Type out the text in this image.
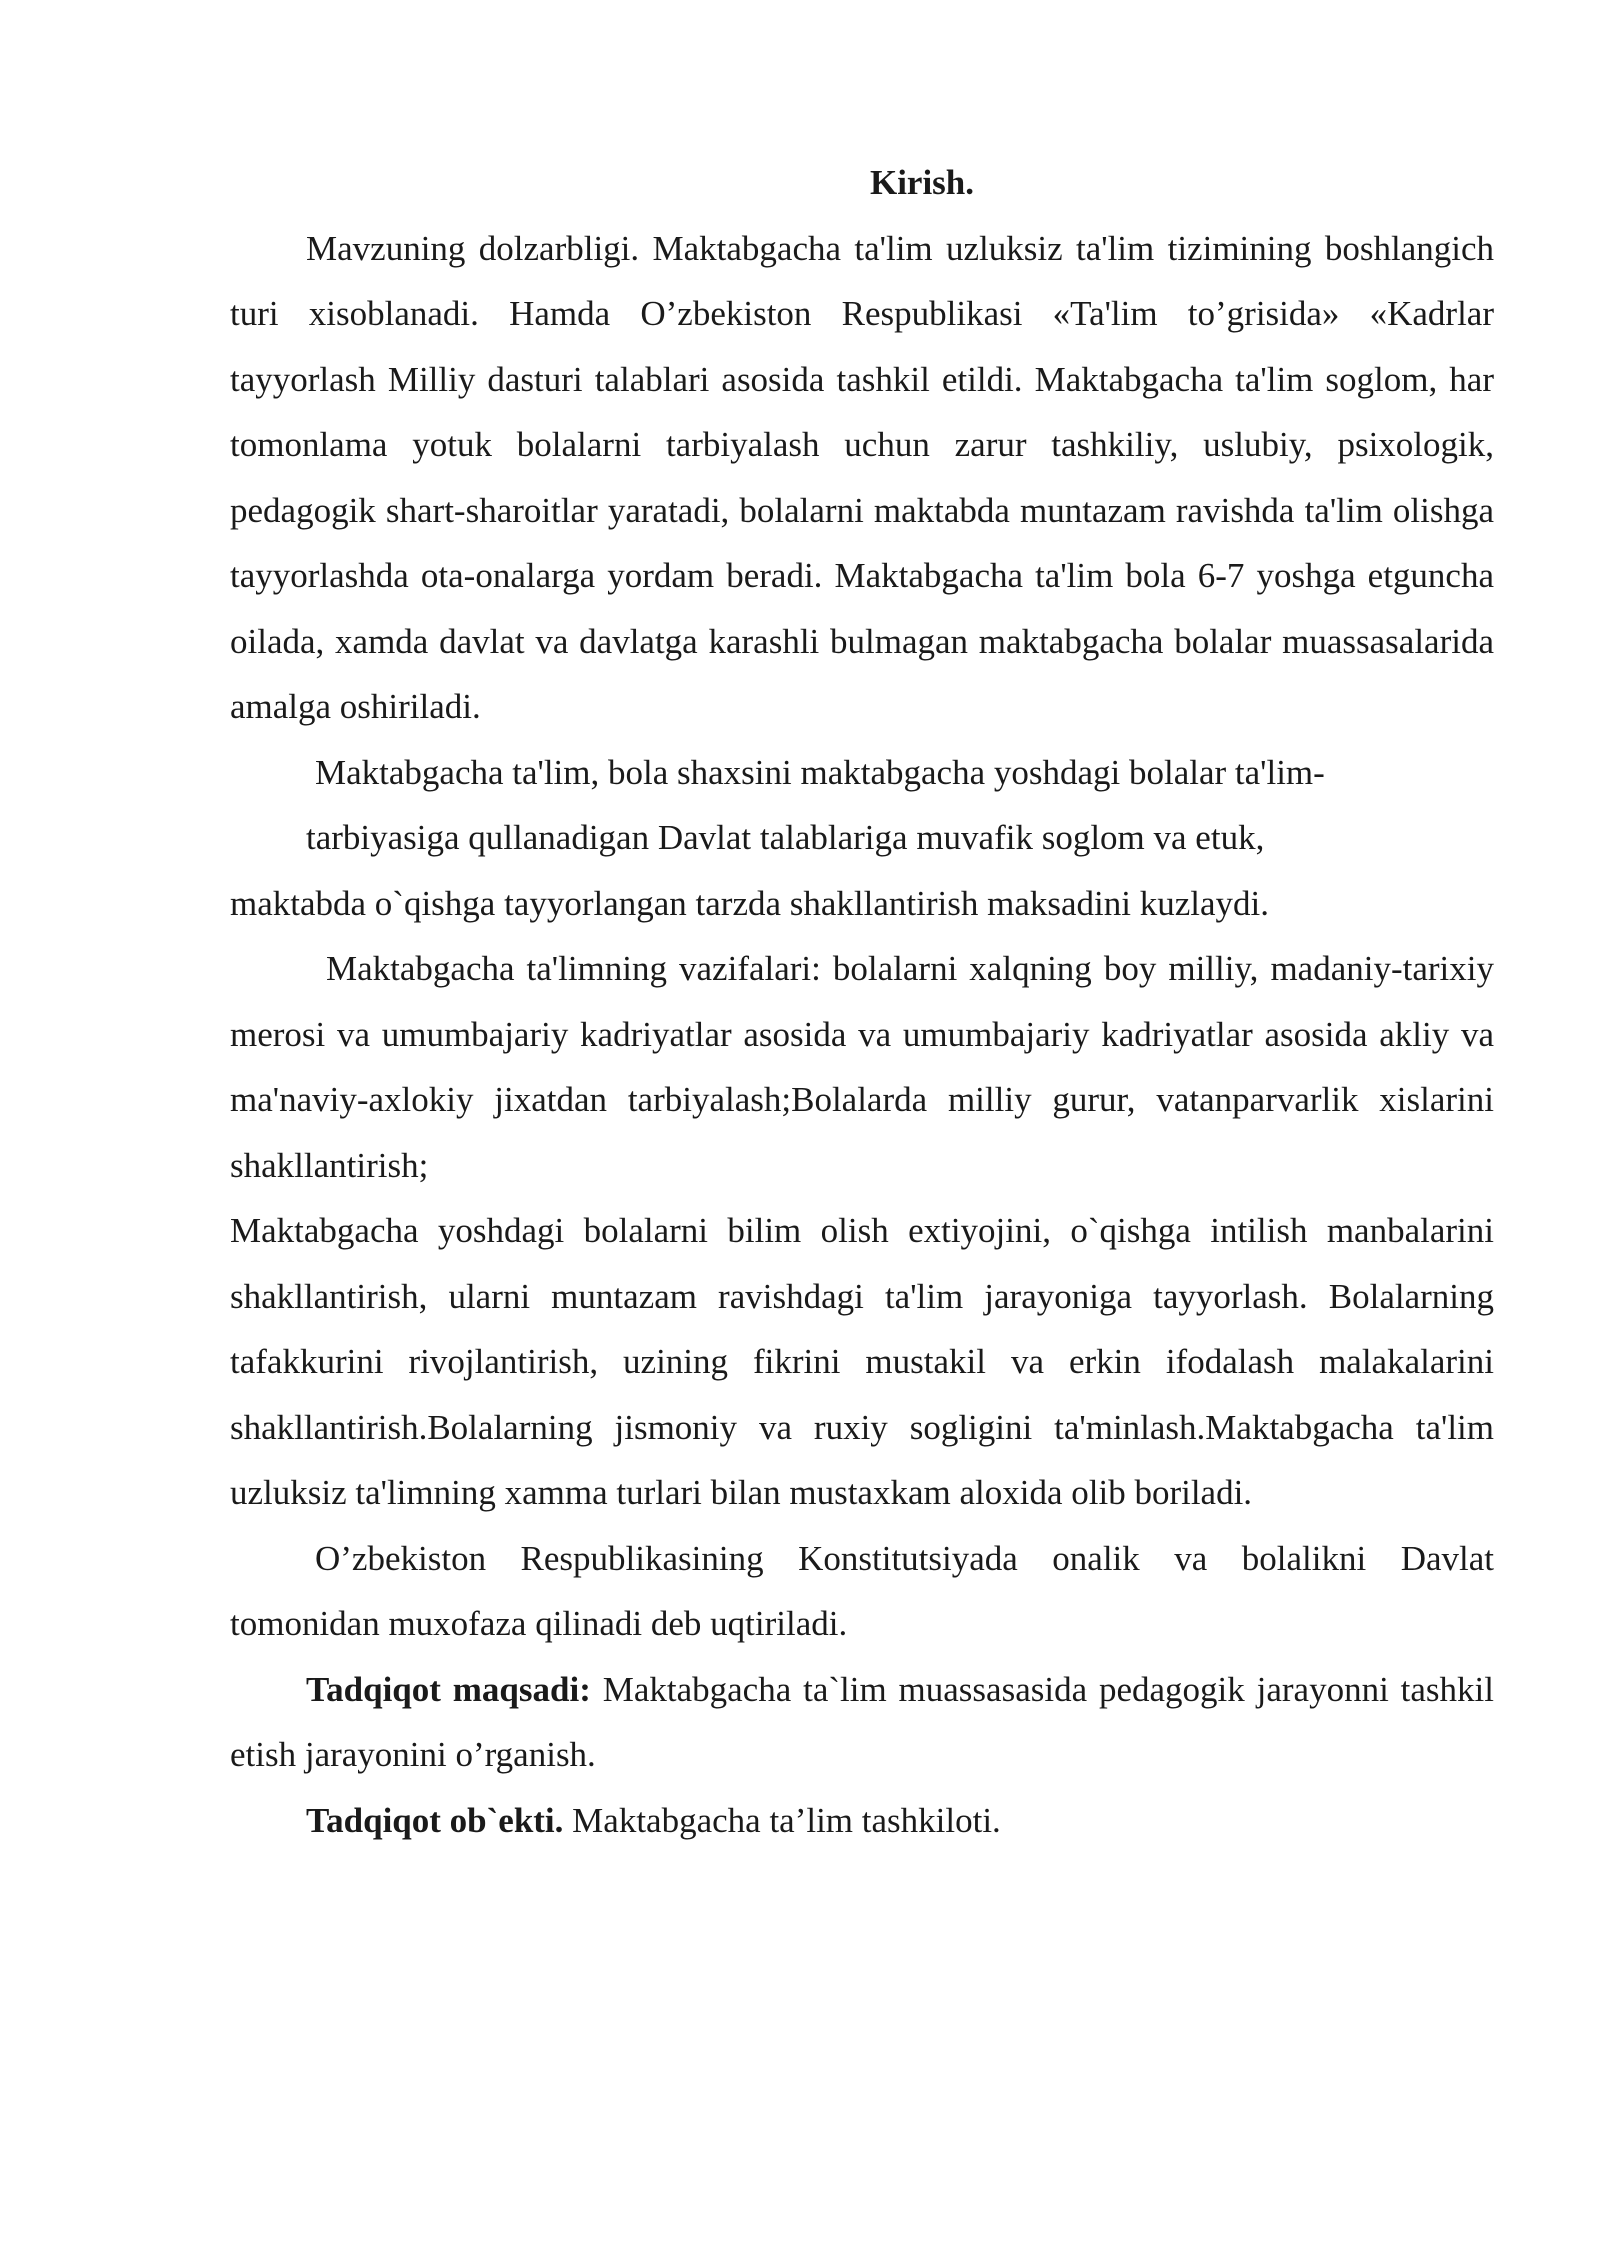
Kirish.

Mavzuning dolzarbligi. Maktabgacha ta'lim uzluksiz ta'lim tizimining boshlangich turi xisoblanadi. Hamda O’zbekiston Respublikasi «Ta'lim to’grisida» «Kadrlar tayyorlash Milliy dasturi talablari asosida tashkil etildi. Maktabgacha ta'lim soglom, har tomonlama yotuk bolalarni tarbiyalash uchun zarur tashkiliy, uslubiy, psixologik, pedagogik shart-sharoitlar yaratadi, bolalarni maktabda muntazam ravishda ta'lim olishga tayyorlashda ota-onalarga yordam beradi. Maktabgacha ta'lim bola 6-7 yoshga etguncha oilada, xamda davlat va davlatga karashli bulmagan maktabgacha bolalar muassasalarida amalga oshiriladi.

Maktabgacha ta'lim, bola shaxsini maktabgacha yoshdagi bolalar ta'lim-

tarbiyasiga qullanadigan Davlat talablariga muvafik soglom va etuk,

maktabda o`qishga tayyorlangan tarzda shakllantirish maksadini kuzlaydi.

Maktabgacha ta'limning vazifalari: bolalarni xalqning boy milliy, madaniy-tarixiy merosi va umumbajariy kadriyatlar asosida va umumbajariy kadriyatlar asosida akliy va ma'naviy-axlokiy jixatdan tarbiyalash;Bolalarda milliy gurur, vatanparvarlik xislarini shakllantirish;

Maktabgacha yoshdagi bolalarni bilim olish extiyojini, o`qishga intilish manbalarini shakllantirish, ularni muntazam ravishdagi ta'lim jarayoniga tayyorlash. Bolalarning tafakkurini rivojlantirish, uzining fikrini mustakil va erkin ifodalash malakalarini shakllantirish.Bolalarning jismoniy va ruxiy sogligini ta'minlash.Maktabgacha ta'lim uzluksiz ta'limning xamma turlari bilan mustaxkam aloxida olib boriladi.

O’zbekiston Respublikasining Konstitutsiyada onalik va bolalikni Davlat tomonidan muxofaza qilinadi deb uqtiriladi.

Tadqiqot maqsadi: Maktabgacha ta`lim muassasasida pedagogik jarayonni tashkil etish jarayonini o’rganish.

Tadqiqot ob`ekti. Maktabgacha ta’lim tashkiloti.
